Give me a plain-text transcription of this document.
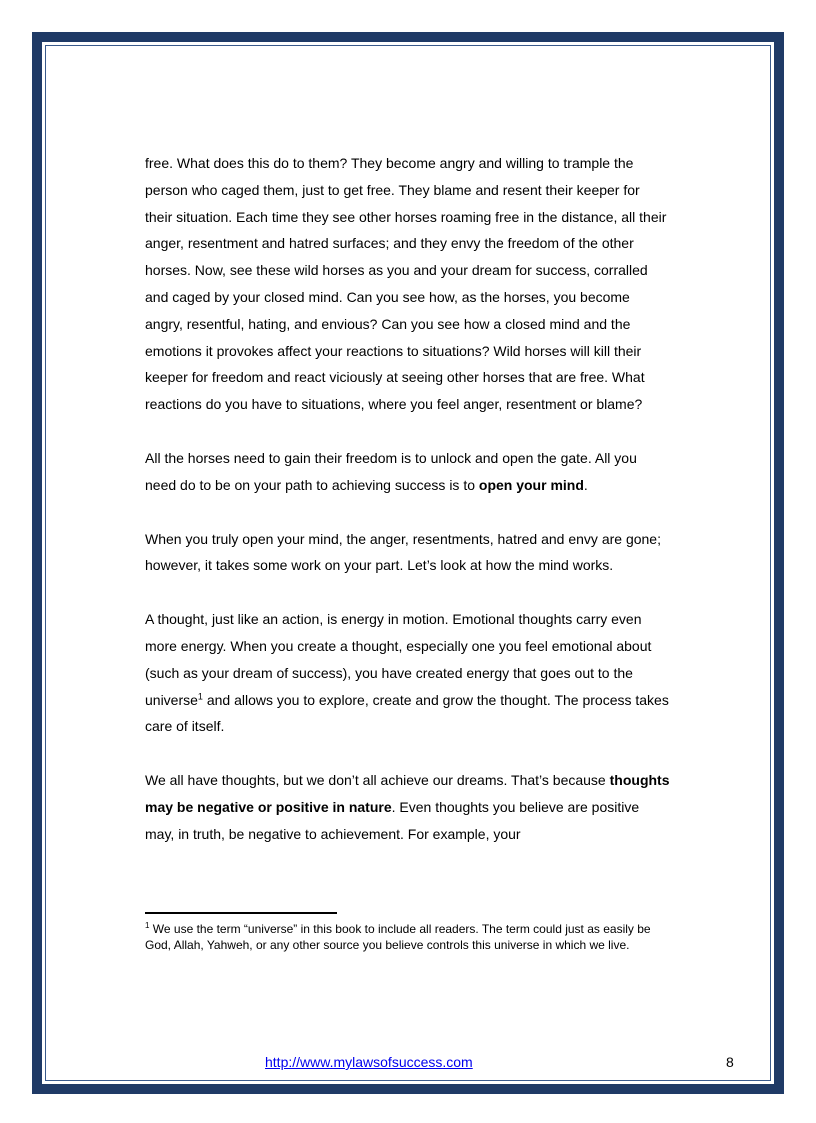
free. What does this do to them? They become angry and willing to trample the person who caged them, just to get free. They blame and resent their keeper for their situation. Each time they see other horses roaming free in the distance, all their anger, resentment and hatred surfaces; and they envy the freedom of the other horses. Now, see these wild horses as you and your dream for success, corralled and caged by your closed mind. Can you see how, as the horses, you become angry, resentful, hating, and envious? Can you see how a closed mind and the emotions it provokes affect your reactions to situations? Wild horses will kill their keeper for freedom and react viciously at seeing other horses that are free. What reactions do you have to situations, where you feel anger, resentment or blame?

All the horses need to gain their freedom is to unlock and open the gate. All you need do to be on your path to achieving success is to open your mind.

When you truly open your mind, the anger, resentments, hatred and envy are gone; however, it takes some work on your part. Let’s look at how the mind works.

A thought, just like an action, is energy in motion. Emotional thoughts carry even more energy. When you create a thought, especially one you feel emotional about (such as your dream of success), you have created energy that goes out to the universe$^1$ and allows you to explore, create and grow the thought. The process takes care of itself.

We all have thoughts, but we don’t all achieve our dreams. That’s because thoughts may be negative or positive in nature. Even thoughts you believe are positive may, in truth, be negative to achievement. For example, your

$^1$ We use the term “universe” in this book to include all readers. The term could just as easily be God, Allah, Yahweh, or any other source you believe controls this universe in which we live.
http://www.mylawsofsuccess.com	8
